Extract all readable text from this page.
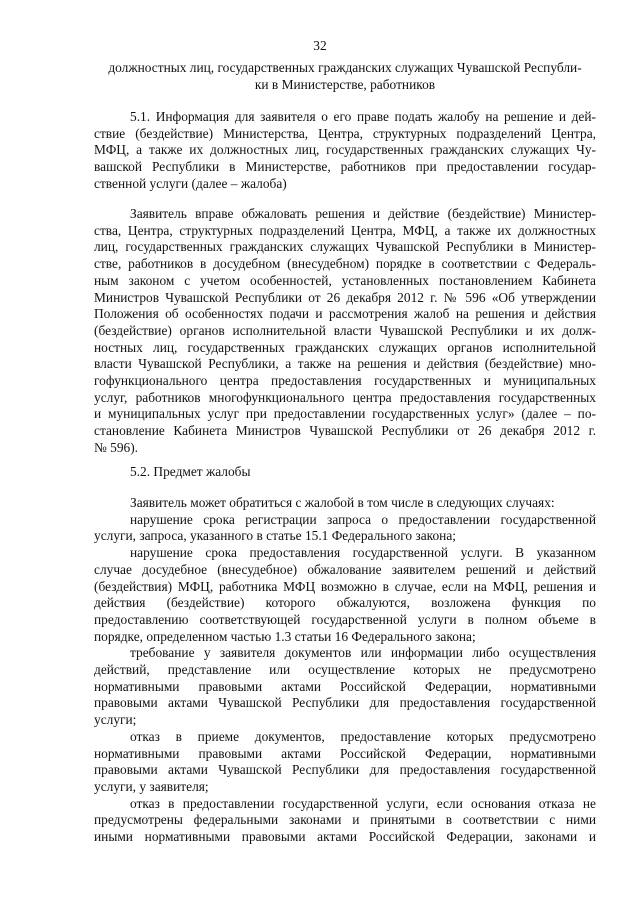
32
должностных лиц, государственных гражданских служащих Чувашской Республи-
ки в Министерстве, работников
5.1. Информация для заявителя о его праве подать жалобу на решение и дей-
ствие (бездействие) Министерства, Центра, структурных подразделений Центра,
МФЦ, а также их должностных лиц, государственных гражданских служащих Чу-
вашской Республики в Министерстве, работников при предоставлении государ-
ственной услуги (далее – жалоба)
Заявитель вправе обжаловать решения и действие (бездействие) Министер-
ства, Центра, структурных подразделений Центра, МФЦ, а также их должностных
лиц, государственных гражданских служащих Чувашской Республики в Министер-
стве, работников в досудебном (внесудебном) порядке в соответствии с Федераль-
ным законом с учетом особенностей, установленных постановлением Кабинета
Министров Чувашской Республики от 26 декабря 2012 г. № 596 «Об утверждении
Положения об особенностях подачи и рассмотрения жалоб на решения и действия
(бездействие) органов исполнительной власти Чувашской Республики и их долж-
ностных лиц, государственных гражданских служащих органов исполнительной
власти Чувашской Республики, а также на решения и действия (бездействие) мно-
гофункционального центра предоставления государственных и муниципальных
услуг, работников многофункционального центра предоставления государственных
и муниципальных услуг при предоставлении государственных услуг» (далее – по-
становление Кабинета Министров Чувашской Республики от 26 декабря 2012 г.
№ 596).
5.2. Предмет жалобы
Заявитель может обратиться с жалобой в том числе в следующих случаях:
нарушение срока регистрации запроса о предоставлении государственной
услуги, запроса, указанного в статье 15.1 Федерального закона;
нарушение срока предоставления государственной услуги. В указанном
случае досудебное (внесудебное) обжалование заявителем решений и действий
(бездействия) МФЦ, работника МФЦ возможно в случае, если на МФЦ, решения и
действия (бездействие) которого обжалуются, возложена функция по
предоставлению соответствующей государственной услуги в полном объеме в
порядке, определенном частью 1.3 статьи 16 Федерального закона;
требование у заявителя документов или информации либо осуществления
действий, представление или осуществление которых не предусмотрено
нормативными правовыми актами Российской Федерации, нормативными
правовыми актами Чувашской Республики для предоставления государственной
услуги;
отказ в приеме документов, предоставление которых предусмотрено
нормативными правовыми актами Российской Федерации, нормативными
правовыми актами Чувашской Республики для предоставления государственной
услуги, у заявителя;
отказ в предоставлении государственной услуги, если основания отказа не
предусмотрены федеральными законами и принятыми в соответствии с ними
иными нормативными правовыми актами Российской Федерации, законами и
